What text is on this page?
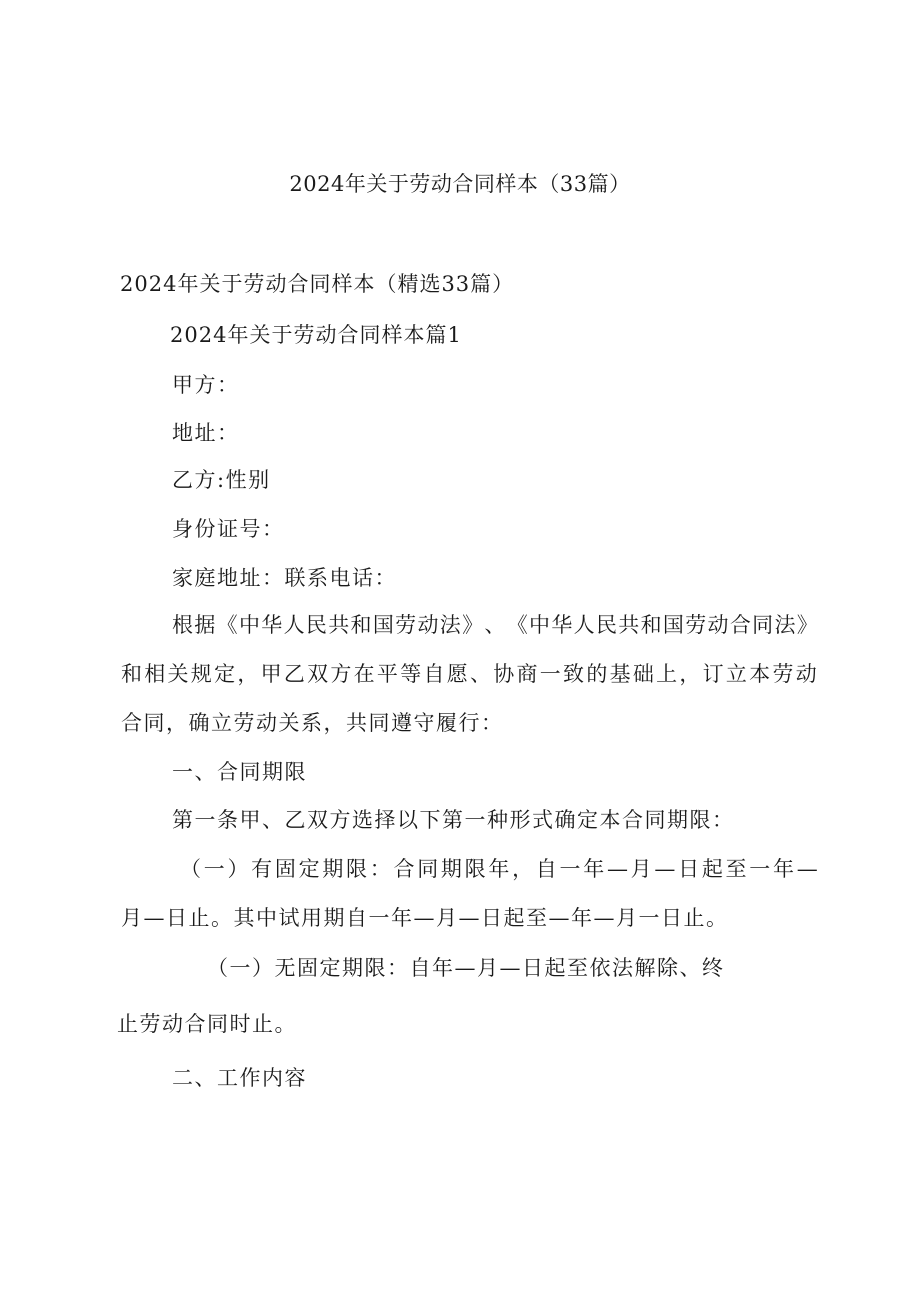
2024年关于劳动合同样本（33篇）
2024年关于劳动合同样本（精选33篇）
2024年关于劳动合同样本篇1
甲方：
地址：
乙方:性别
身份证号：
家庭地址：联系电话：
根 据 《 中 华 人 民 共 和 国 劳 动 法 》 、 《 中 华 人 民 共 和 国 劳 动 合 同 法 》
和 相 关 规 定 ， 甲 乙 双 方 在 平 等 自 愿 、 协 商 一 致 的 基 础 上 ， 订 立 本 劳 动
合同，确立劳动关系，共同遵守履行：
一、合同期限
第一条甲、乙双方选择以下第一种形式确定本合同期限：
（ 一 ） 有 固 定 期 限 ： 合 同 期 限 年 ， 自 一 年 — 月 — 日 起 至 一 年 —
月—日止。其中试用期自一年—月—日起至—年—月一日止。
（一）无固定期限：自年—月—日起至依法解除、终
止劳动合同时止。
二、工作内容
